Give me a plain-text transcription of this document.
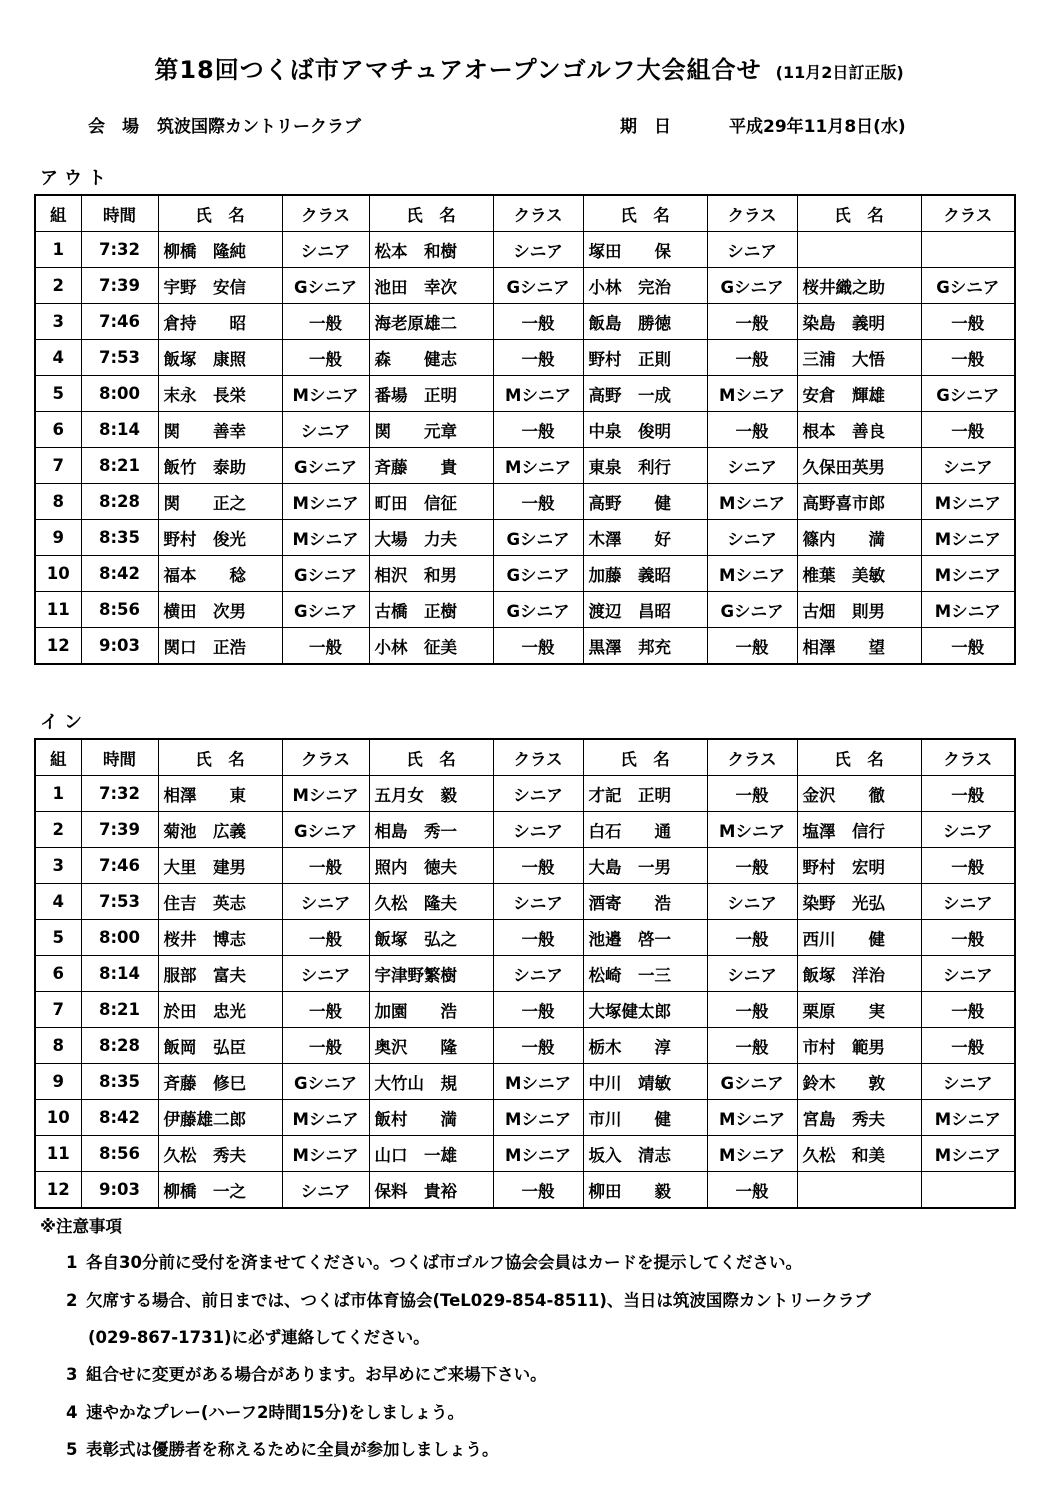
第18回つくば市アマチュアオープンゴルフ大会組合せ (11月2日訂正版)
会　場 筑波国際カントリークラブ	期　日	平成29年11月8日(水)
アウト
組	時間	氏　名	クラス	氏　名	クラス	氏　名	クラス	氏　名	クラス
1	7:32	柳橋　隆純	シニア	松本　和樹	シニア	塚田　　保	シニア		
2	7:39	宇野　安信	Gシニア	池田　幸次	Gシニア	小林　完治	Gシニア	桜井織之助	Gシニア
3	7:46	倉持　　昭	一般	海老原雄二	一般	飯島　勝徳	一般	染島　義明	一般
4	7:53	飯塚　康照	一般	森　　健志	一般	野村　正則	一般	三浦　大悟	一般
5	8:00	末永　長栄	Mシニア	番場　正明	Mシニア	高野　一成	Mシニア	安倉　輝雄	Gシニア
6	8:14	関　　善幸	シニア	関　　元章	一般	中泉　俊明	一般	根本　善良	一般
7	8:21	飯竹　泰助	Gシニア	斉藤　　貴	Mシニア	東泉　利行	シニア	久保田英男	シニア
8	8:28	関　　正之	Mシニア	町田　信征	一般	高野　　健	Mシニア	高野喜市郎	Mシニア
9	8:35	野村　俊光	Mシニア	大場　力夫	Gシニア	木澤　　好	シニア	篠内　　満	Mシニア
10	8:42	福本　　稔	Gシニア	相沢　和男	Gシニア	加藤　義昭	Mシニア	椎葉　美敏	Mシニア
11	8:56	横田　次男	Gシニア	古橋　正樹	Gシニア	渡辺　昌昭	Gシニア	古畑　則男	Mシニア
12	9:03	関口　正浩	一般	小林　征美	一般	黒澤　邦充	一般	相澤　　望	一般
イン
組	時間	氏　名	クラス	氏　名	クラス	氏　名	クラス	氏　名	クラス
1	7:32	相澤　　東	Mシニア	五月女　毅	シニア	才記　正明	一般	金沢　　徹	一般
2	7:39	菊池　広義	Gシニア	相島　秀一	シニア	白石　　通	Mシニア	塩澤　信行	シニア
3	7:46	大里　建男	一般	照内　徳夫	一般	大島　一男	一般	野村　宏明	一般
4	7:53	住吉　英志	シニア	久松　隆夫	シニア	酒寄　　浩	シニア	染野　光弘	シニア
5	8:00	桜井　博志	一般	飯塚　弘之	一般	池邉　啓一	一般	西川　　健	一般
6	8:14	服部　富夫	シニア	宇津野繁樹	シニア	松崎　一三	シニア	飯塚　洋治	シニア
7	8:21	於田　忠光	一般	加園　　浩	一般	大塚健太郎	一般	栗原　　実	一般
8	8:28	飯岡　弘臣	一般	奥沢　　隆	一般	栃木　　淳	一般	市村　範男	一般
9	8:35	斉藤　修巳	Gシニア	大竹山　規	Mシニア	中川　靖敏	Gシニア	鈴木　　敦	シニア
10	8:42	伊藤雄二郎	Mシニア	飯村　　満	Mシニア	市川　　健	Mシニア	宮島　秀夫	Mシニア
11	8:56	久松　秀夫	Mシニア	山口　一雄	Mシニア	坂入　清志	Mシニア	久松　和美	Mシニア
12	9:03	柳橋　一之	シニア	保料　貴裕	一般	柳田　　毅	一般		
※注意事項
1 各自30分前に受付を済ませてください。つくば市ゴルフ協会会員はカードを提示してください。
2 欠席する場合、前日までは、つくば市体育協会(TeL029-854-8511)、当日は筑波国際カントリークラブ
(029-867-1731)に必ず連絡してください。
3 組合せに変更がある場合があります。お早めにご来場下さい。
4 速やかなプレー(ハーフ2時間15分)をしましょう。
5 表彰式は優勝者を称えるために全員が参加しましょう。
